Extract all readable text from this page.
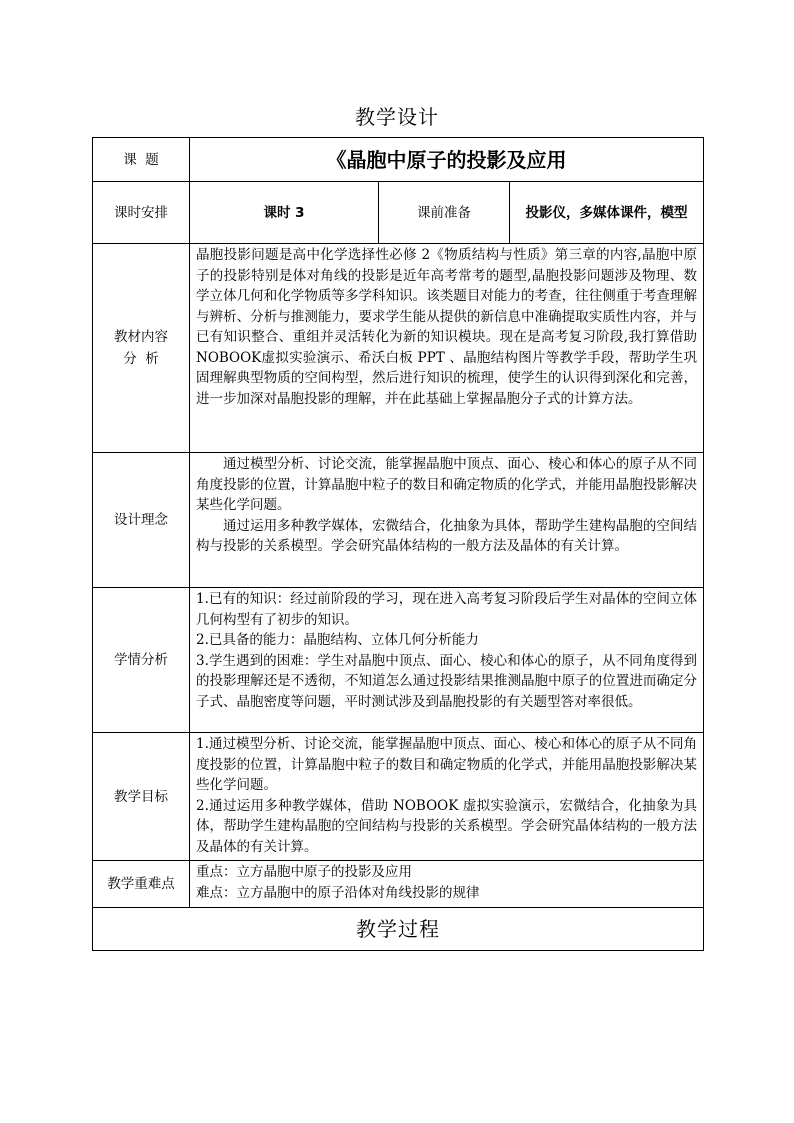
教学设计
课  题	《晶胞中原子的投影及应用		
课时安排	课时 3	课前准备	投影仪，多媒体课件，模型

教材内容
分  析	晶胞投影问题是高中化学选择性必修 2《物质结构与性质》第三章的内容,晶胞中原子的投影特别是体对角线的投影是近年高考常考的题型,晶胞投影问题涉及物理、数学立体几何和化学物质等多学科知识。该类题目对能力的考查，往往侧重于考查理解与辨析、分析与推测能力，要求学生能从提供的新信息中准确提取实质性内容，并与已有知识整合、重组并灵活转化为新的知识模块。现在是高考复习阶段,我打算借助 NOBOOK虚拟实验演示、希沃白板 PPT 、晶胞结构图片等教学手段，帮助学生巩固理解典型物质的空间构型，然后进行知识的梳理，使学生的认识得到深化和完善，进一步加深对晶胞投影的理解，并在此基础上掌握晶胞分子式的计算方法。		

设计理念	通过模型分析、讨论交流，能掌握晶胞中顶点、面心、棱心和体心的原子从不同角度投影的位置，计算晶胞中粒子的数目和确定物质的化学式，并能用晶胞投影解决某些化学问题。

通过运用多种教学媒体，宏微结合，化抽象为具体，帮助学生建构晶胞的空间结构与投影的关系模型。学会研究晶体结构的一般方法及晶体的有关计算。		

学情分析	1.已有的知识：经过前阶段的学习，现在进入高考复习阶段后学生对晶体的空间立体几何构型有了初步的知识。

2.已具备的能力：晶胞结构、立体几何分析能力

3.学生遇到的困难：学生对晶胞中顶点、面心、棱心和体心的原子，从不同角度得到的投影理解还是不透彻，不知道怎么通过投影结果推测晶胞中原子的位置进而确定分子式、晶胞密度等问题，平时测试涉及到晶胞投影的有关题型答对率很低。		

教学目标	1.通过模型分析、讨论交流，能掌握晶胞中顶点、面心、棱心和体心的原子从不同角度投影的位置，计算晶胞中粒子的数目和确定物质的化学式，并能用晶胞投影解决某些化学问题。

2.通过运用多种教学媒体，借助 NOBOOK 虚拟实验演示，宏微结合，化抽象为具体，帮助学生建构晶胞的空间结构与投影的关系模型。学会研究晶体结构的一般方法及晶体的有关计算。		

教学重难点	重点：立方晶胞中原子的投影及应用

难点：立方晶胞中的原子沿体对角线投影的规律		

教学过程			
